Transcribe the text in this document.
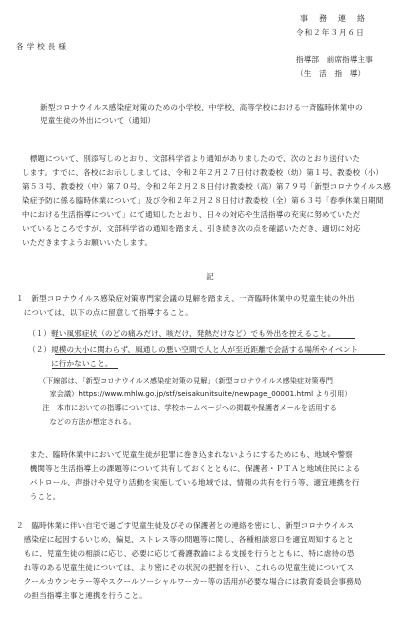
事　務　連　絡
令和２年３月６日
各学校長様
指導部　前席指導主事
（生　活　指　導）
新型コロナウイルス感染症対策のための小学校、中学校、高等学校における一斉臨時休業中の
児童生徒の外出について（通知）
　標題について、別添写しのとおり、文部科学省より通知がありましたので、次のとおり送付いた
します。すでに、各校にお示ししましては、令和２年２月２７日付け教委校（幼）第１号、教委校（小）
第５３号、教委校（中）第７０号、令和２年２月２８日付け教委校（高）第７９号「新型コロナウイルス感
染症予防に係る臨時休業について」及び令和２年２月２８日付け教委校（全）第６３号「春季休業日期間
中における生活指導について」にて通知したとおり、日々の対応や生活指導の充実に努めていただ
いているところですが、文部科学省の通知を踏まえ、引き続き次の点を確認いただき、適切に対応
いただきますようお願いいたします。
記
１　新型コロナウイルス感染症対策専門家会議の見解を踏まえ、一斉臨時休業中の児童生徒の外出
　については、以下の点に留意して指導すること。
（１）軽い風邪症状（のどの痛みだけ、咳だけ、発熱だけなど）でも外出を控えること。
（２）規模の大小に関わらず、風通しの悪い空間で人と人が至近距離で会話する場所やイベント
　　　に行かないこと。
　　（下線部は、「新型コロナウイルス感染症対策の見解」（新型コロナウイルス感染症対策専門
　　　家会議）https://www.mhlw.go.jp/stf/seisakunitsuite/newpage_00001.html より引用）
　　注　本市においての指導については、学校ホームページへの掲載や保護者メールを活用する
　　　などの方法が想定される。
　また、臨時休業中において児童生徒が犯罪に巻き込まれないようにするためにも、地域や警察
　機関等と生活指導上の課題等について共有しておくとともに、保護者・ＰＴＡと地域住民による
　パトロール、声掛けや見守り活動を実施している地域では、情報の共有を行う等、適宜連携を行
　うこと。
２　臨時休業に伴い自宅で過ごす児童生徒及びその保護者との連絡を密にし、新型コロナウイルス
　感染症に起因するいじめ、偏見、ストレス等の問題等に関し、各種相談窓口を適宜周知するとと
　もに、児童生徒の相談に応じ、必要に応じて養護教諭による支援を行うとともに、特に虐待の恐
　れ等のある児童生徒については、より密にその状況の把握を行い、これらの児童生徒についてス
　クールカウンセラー等やスクールソーシャルワーカー等の活用が必要な場合には教育委員会事務局
　の担当指導主事と連携を行うこと。
